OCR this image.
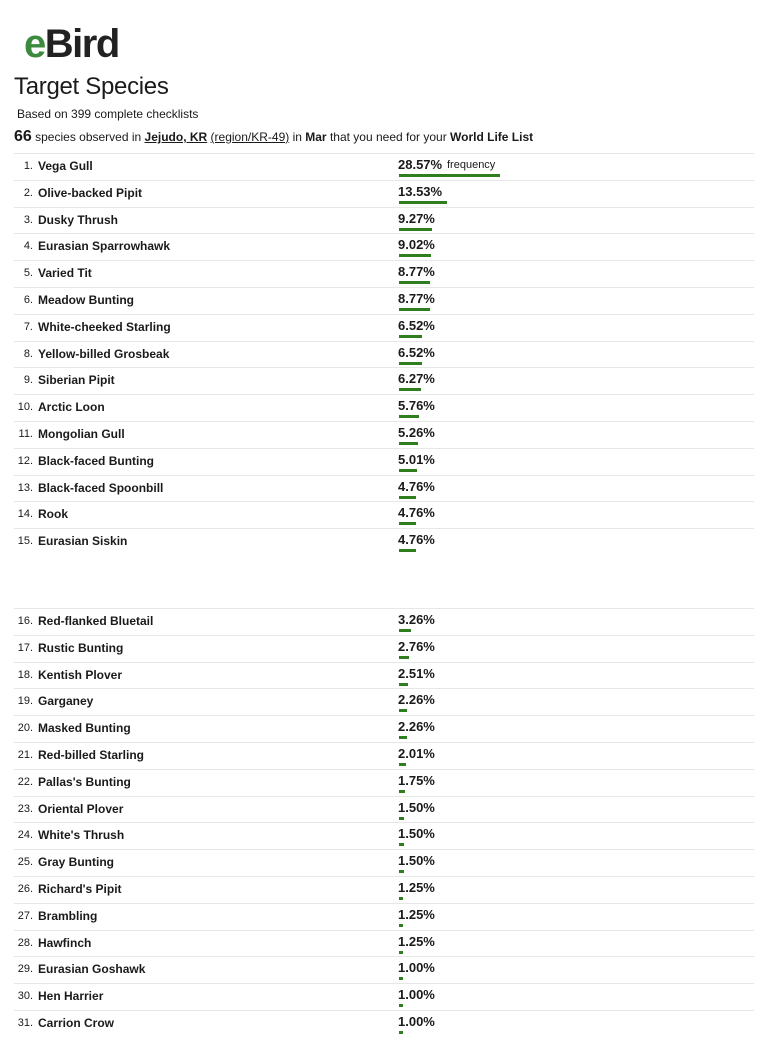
eBird
Target Species
Based on 399 complete checklists
66 species observed in Jejudo, KR (region/KR-49) in Mar that you need for your World Life List
1. Vega Gull	28.57% frequency
2. Olive-backed Pipit	13.53%
3. Dusky Thrush	9.27%
4. Eurasian Sparrowhawk	9.02%
5. Varied Tit	8.77%
6. Meadow Bunting	8.77%
7. White-cheeked Starling	6.52%
8. Yellow-billed Grosbeak	6.52%
9. Siberian Pipit	6.27%
10. Arctic Loon	5.76%
11. Mongolian Gull	5.26%
12. Black-faced Bunting	5.01%
13. Black-faced Spoonbill	4.76%
14. Rook	4.76%
15. Eurasian Siskin	4.76%
16. Red-flanked Bluetail	3.26%
17. Rustic Bunting	2.76%
18. Kentish Plover	2.51%
19. Garganey	2.26%
20. Masked Bunting	2.26%
21. Red-billed Starling	2.01%
22. Pallas's Bunting	1.75%
23. Oriental Plover	1.50%
24. White's Thrush	1.50%
25. Gray Bunting	1.50%
26. Richard's Pipit	1.25%
27. Brambling	1.25%
28. Hawfinch	1.25%
29. Eurasian Goshawk	1.00%
30. Hen Harrier	1.00%
31. Carrion Crow	1.00%
